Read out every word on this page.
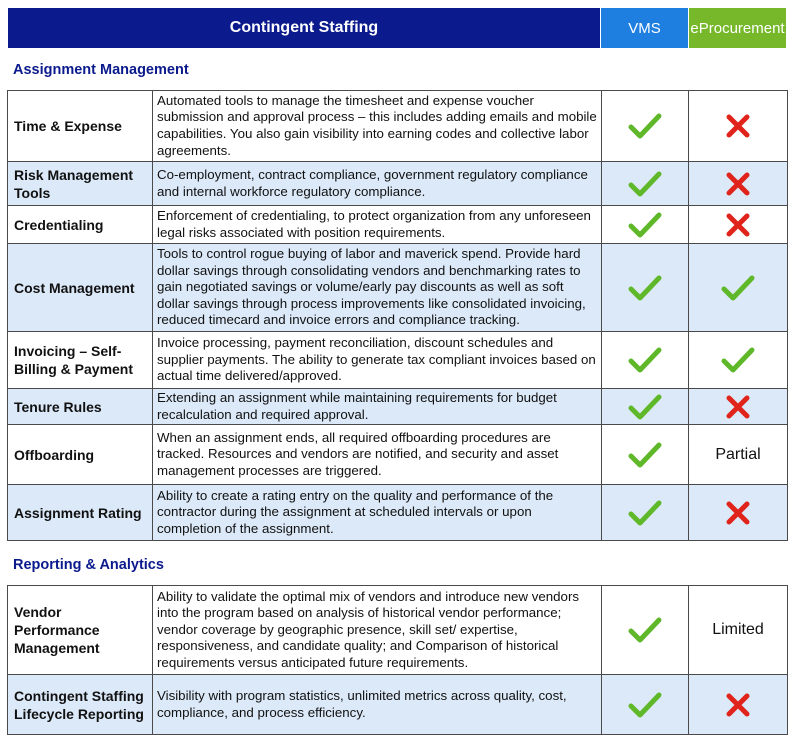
Contingent Staffing	VMS	eProcurement
Assignment Management
Time & Expense	Automated tools to manage the timesheet and expense voucher submission and approval process – this includes adding emails and mobile capabilities. You also gain visibility into earning codes and collective labor agreements.	

Risk Management Tools	Co-employment, contract compliance, government regulatory compliance and internal workforce regulatory compliance.	

Credentialing	Enforcement of credentialing, to protect organization from any unforeseen legal risks associated with position requirements.	

Cost Management	Tools to control rogue buying of labor and maverick spend. Provide hard dollar savings through consolidating vendors and benchmarking rates to gain negotiated savings or volume/early pay discounts as well as soft dollar savings through process improvements like consolidated invoicing, reduced timecard and invoice errors and compliance tracking.	

Invoicing – Self-Billing & Payment	Invoice processing, payment reconciliation, discount schedules and supplier payments. The ability to generate tax compliant invoices based on actual time delivered/approved.	

Tenure Rules	Extending an assignment while maintaining requirements for budget recalculation and required approval.	

Offboarding	When an assignment ends, all required offboarding procedures are tracked. Resources and vendors are notified, and security and asset management processes are triggered.		Partial
Assignment Rating	Ability to create a rating entry on the quality and performance of the contractor during the assignment at scheduled intervals or upon completion of the assignment.	

Reporting & Analytics
Vendor Performance Management	Ability to validate the optimal mix of vendors and introduce new vendors into the program based on analysis of historical vendor performance; vendor coverage by geographic presence, skill set/ expertise, responsiveness, and candidate quality; and Comparison of historical requirements versus anticipated future requirements.		Limited
Contingent Staffing Lifecycle Reporting	Visibility with program statistics, unlimited metrics across quality, cost, compliance, and process efficiency.	
